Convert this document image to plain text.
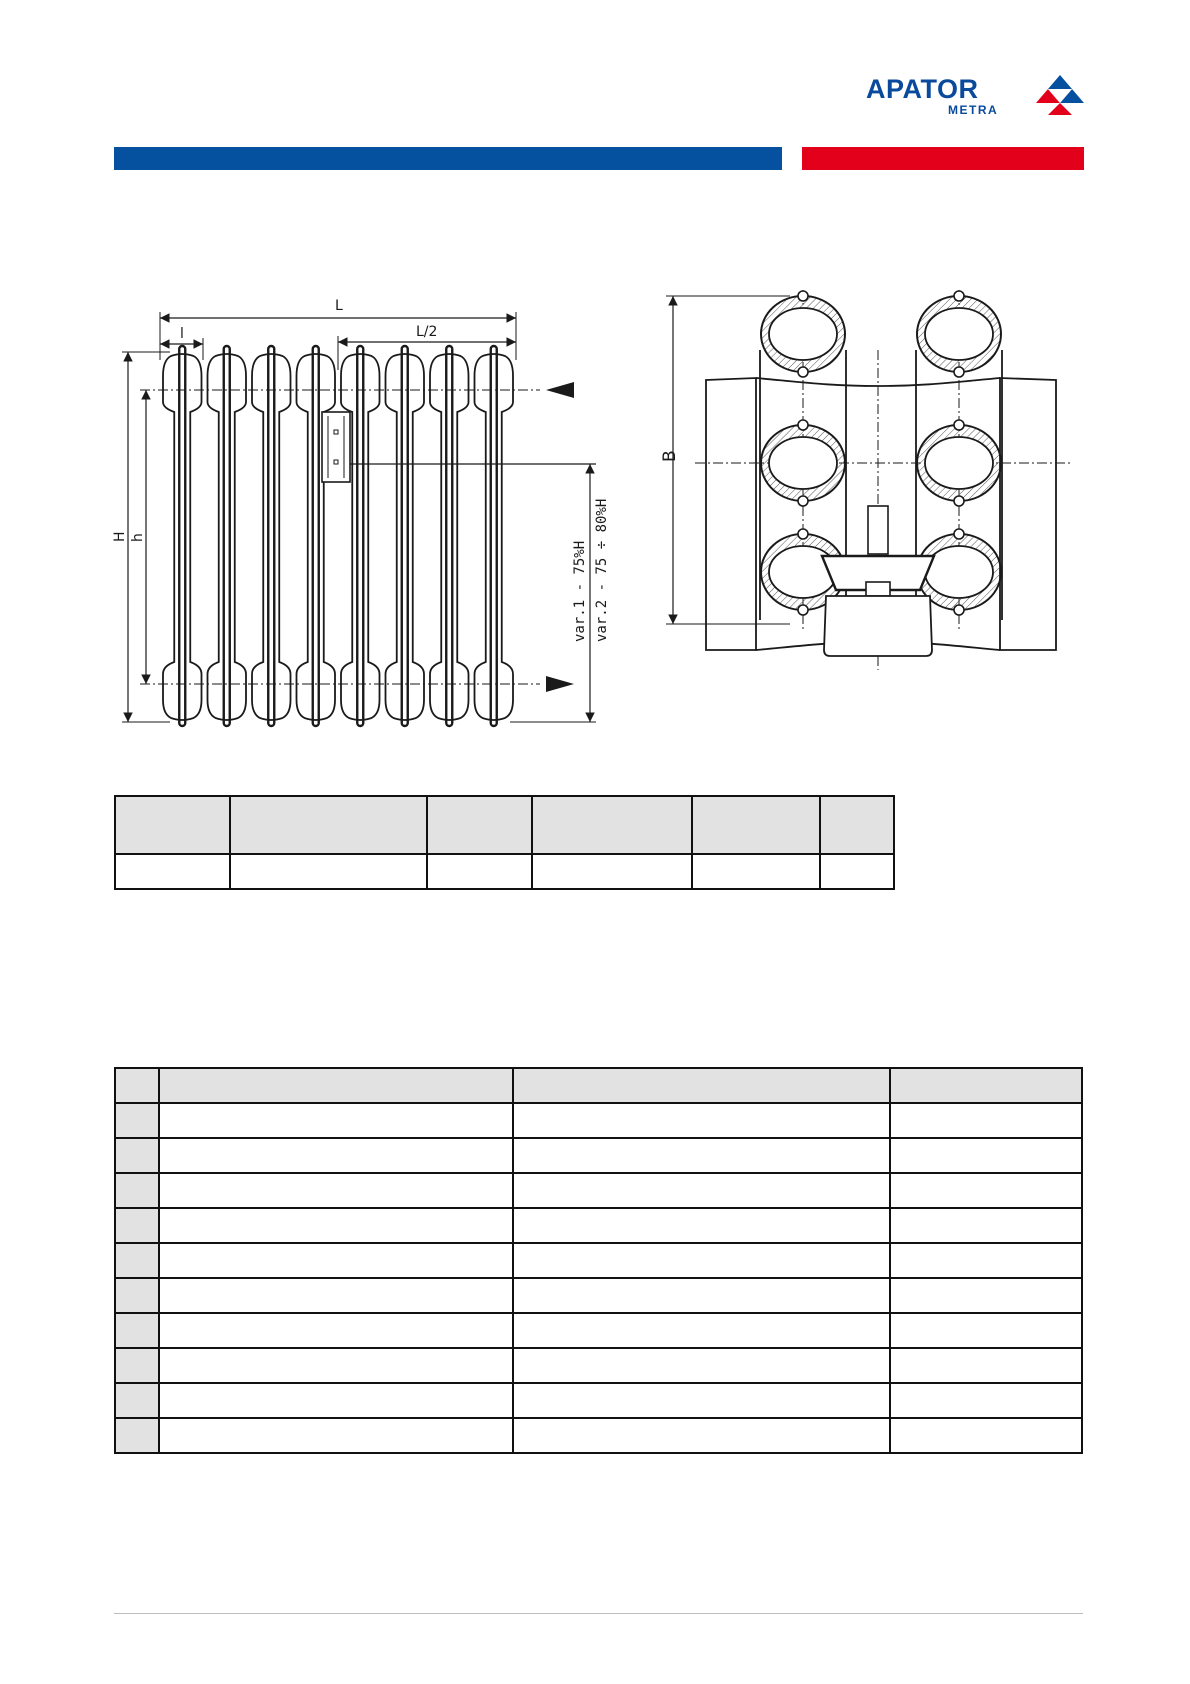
APATOR
METRA
L
L/2
l
H h
var.1 - 75%H var.2 - 75 ÷ 80%H
B
